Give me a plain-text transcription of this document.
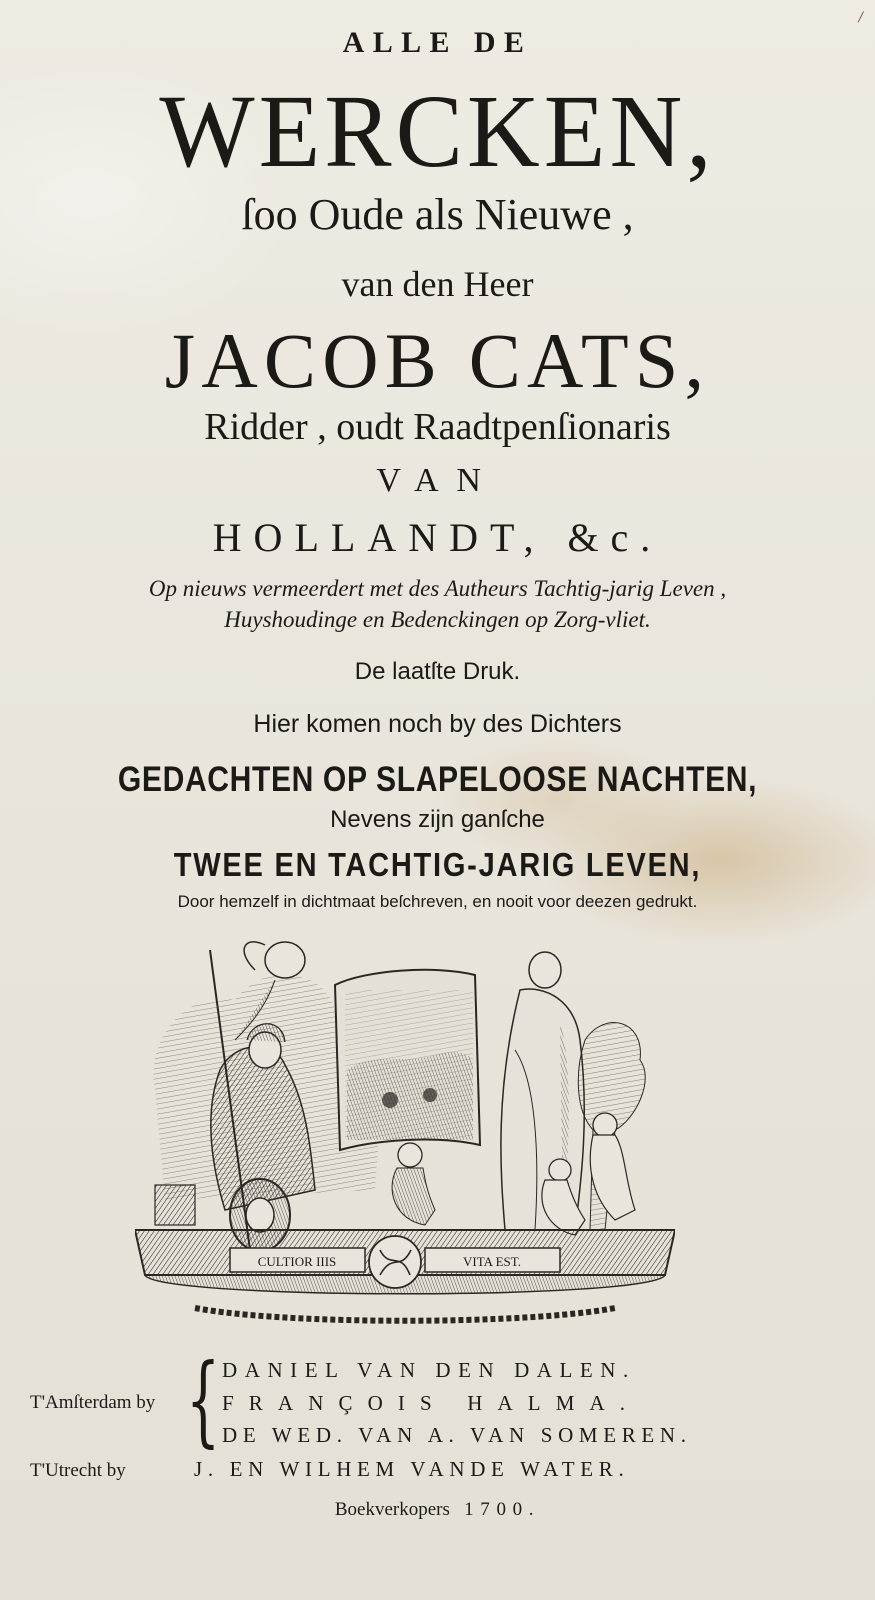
/
ALLE DE
WERCKEN,
ſoo Oude als Nieuwe ,
van den Heer
JACOB CATS,
Ridder , oudt Raadtpenſionaris
VAN
HOLLANDT, &c.
Op nieuws vermeerdert met des Autheurs Tachtig-jarig Leven ,
Huyshoudinge en Bedenckingen op Zorg-vliet.
De laatſte Druk.
Hier komen noch by des Dichters
GEDACHTEN OP SLAPELOOSE NACHTEN,
Nevens zijn ganſche
TWEE EN TACHTIG-JARIG LEVEN,
Door hemzelf in dichtmaat beſchreven, en nooit voor deezen gedrukt.
CULTIOR IIIS	VITA EST.
T'Amſterdam by { DANIEL VAN DEN DALEN.
FRANÇOIS HALMA.
DE WED. VAN A. VAN SOMEREN.
T'Utrecht by	J. EN WILHEM VANDE WATER.
Boekverkopers 1700.
